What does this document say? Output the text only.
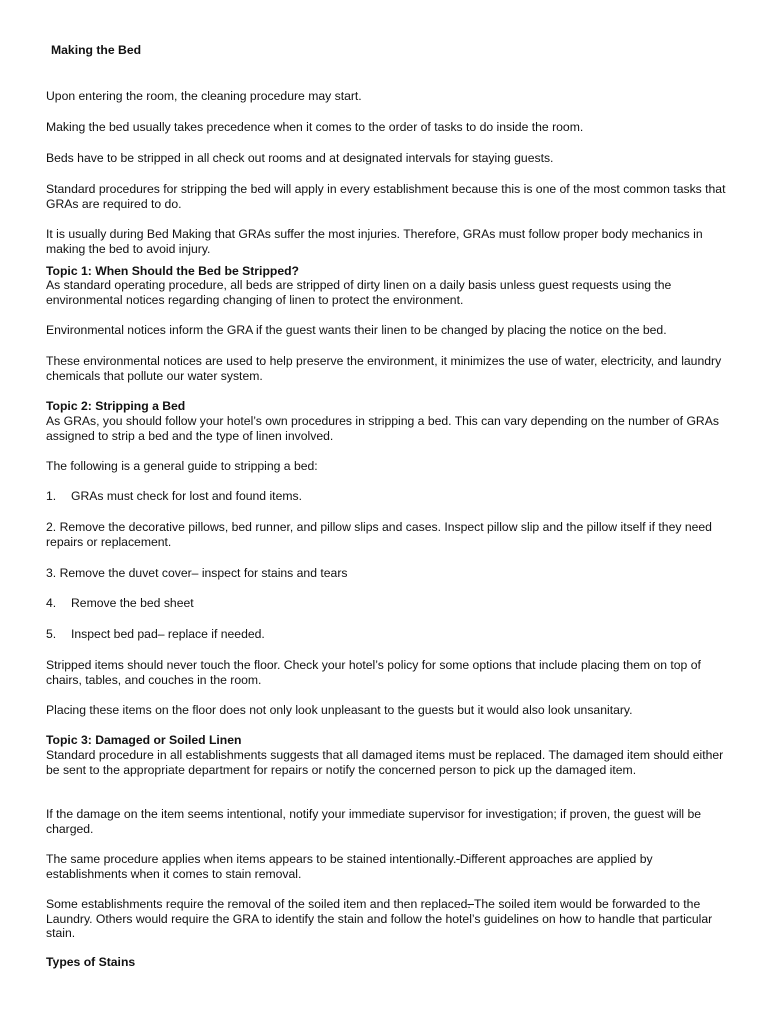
Making the Bed

Upon entering the room, the cleaning procedure may start.

Making the bed usually takes precedence when it comes to the order of tasks to do inside the room.

Beds have to be stripped in all check out rooms and at designated intervals for staying guests.

Standard procedures for stripping the bed will apply in every establishment because this is one of the most common tasks that GRAs are required to do.

It is usually during Bed Making that GRAs suffer the most injuries. Therefore, GRAs must follow proper body mechanics in making the bed to avoid injury.

Topic 1: When Should the Bed be Stripped?

As standard operating procedure, all beds are stripped of dirty linen on a daily basis unless guest requests using the environmental notices regarding changing of linen to protect the environment.

Environmental notices inform the GRA if the guest wants their linen to be changed by placing the notice on the bed.

These environmental notices are used to help preserve the environment, it minimizes the use of water, electricity, and laundry chemicals that pollute our water system.

Topic 2: Stripping a Bed

As GRAs, you should follow your hotel’s own procedures in stripping a bed. This can vary depending on the number of GRAs assigned to strip a bed and the type of linen involved.

The following is a general guide to stripping a bed:

1. GRAs must check for lost and found items.

2. Remove the decorative pillows, bed runner, and pillow slips and cases. Inspect pillow slip and the pillow itself if they need repairs or replacement.

3. Remove the duvet cover– inspect for stains and tears

4. Remove the bed sheet

5. Inspect bed pad– replace if needed.

Stripped items should never touch the floor. Check your hotel’s policy for some options that include placing them on top of chairs, tables, and couches in the room.

Placing these items on the floor does not only look unpleasant to the guests but it would also look unsanitary.

Topic 3: Damaged or Soiled Linen

Standard procedure in all establishments suggests that all damaged items must be replaced. The damaged item should either be sent to the appropriate department for repairs or notify the concerned person to pick up the damaged item.

If the damage on the item seems intentional, notify your immediate supervisor for investigation; if proven, the guest will be charged.

The same procedure applies when items appears to be stained intentionally. Different approaches are applied by establishments when it comes to stain removal.

Some establishments require the removal of the soiled item and then replaced. The soiled item would be forwarded to the Laundry. Others would require the GRA to identify the stain and follow the hotel’s guidelines on how to handle that particular stain.

Types of Stains
